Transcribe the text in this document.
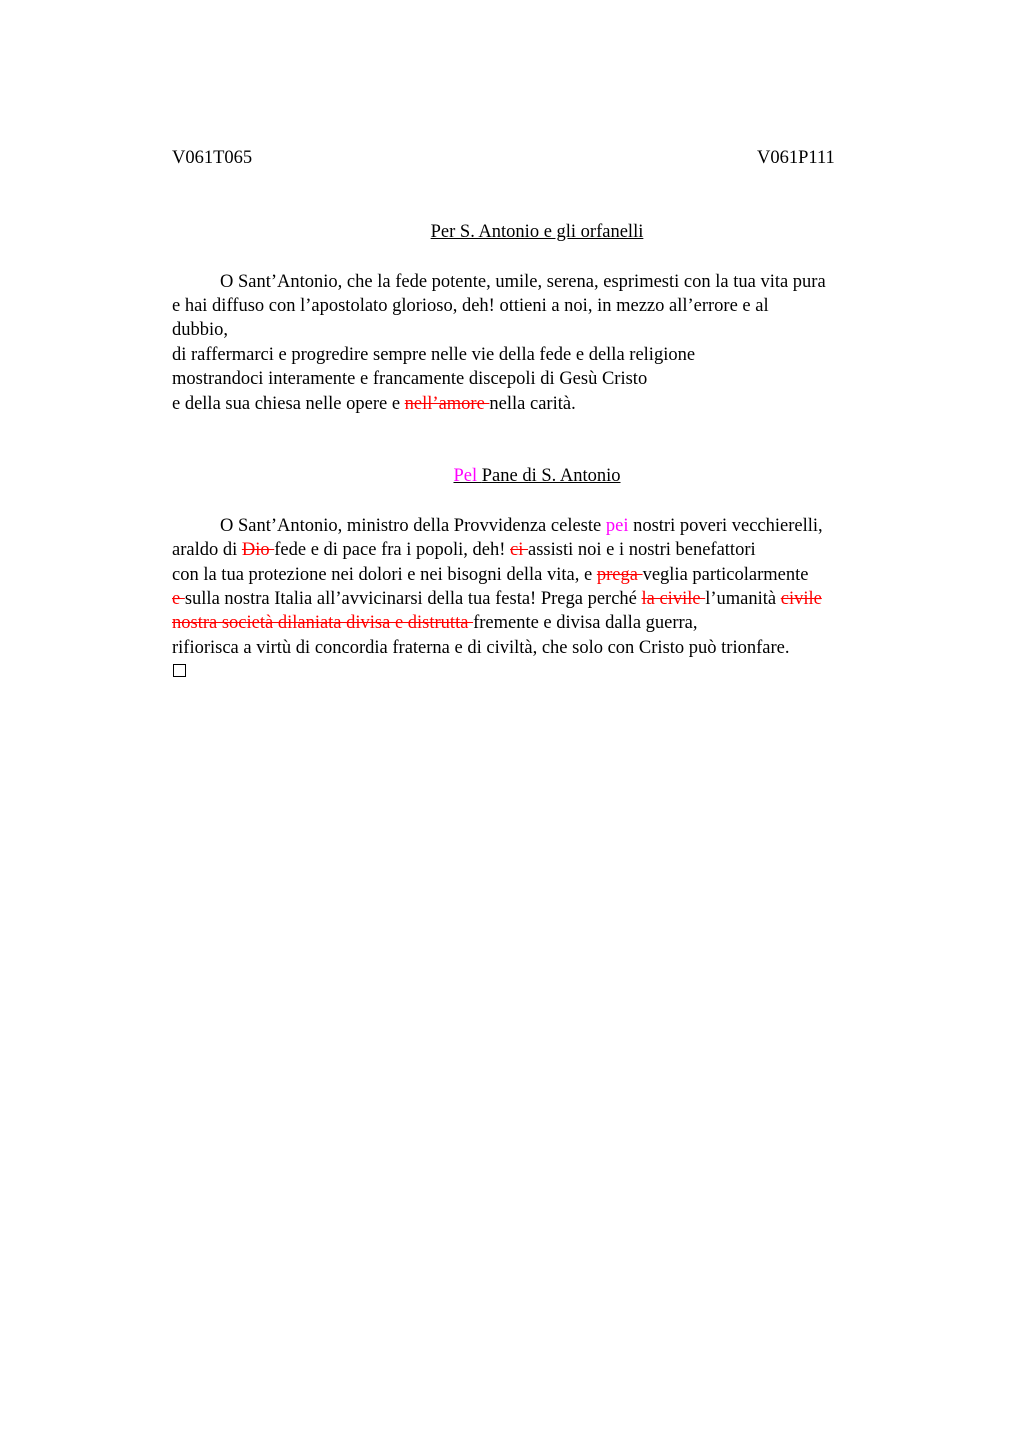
V061T065	V061P111
Per S. Antonio e gli orfanelli
O Sant’Antonio, che la fede potente, umile, serena, esprimesti con la tua vita pura
e hai diffuso con l’apostolato glorioso, deh! ottieni a noi, in mezzo all’errore e al
dubbio,
di raffermarci e progredire sempre nelle vie della fede e della religione
mostrandoci interamente e francamente discepoli di Gesù Cristo
e della sua chiesa nelle opere e nell’amore nella carità.
Pel Pane di S. Antonio
O Sant’Antonio, ministro della Provvidenza celeste pei nostri poveri vecchierelli,
araldo di Dio fede e di pace fra i popoli, deh! ci assisti noi e i nostri benefattori
con la tua protezione nei dolori e nei bisogni della vita, e prega veglia particolarmente
e sulla nostra Italia all’avvicinarsi della tua festa! Prega perché la civile l’umanità civile
nostra società dilaniata divisa e distrutta fremente e divisa dalla guerra,
rifiorisca a virtù di concordia fraterna e di civiltà, che solo con Cristo può trionfare.
